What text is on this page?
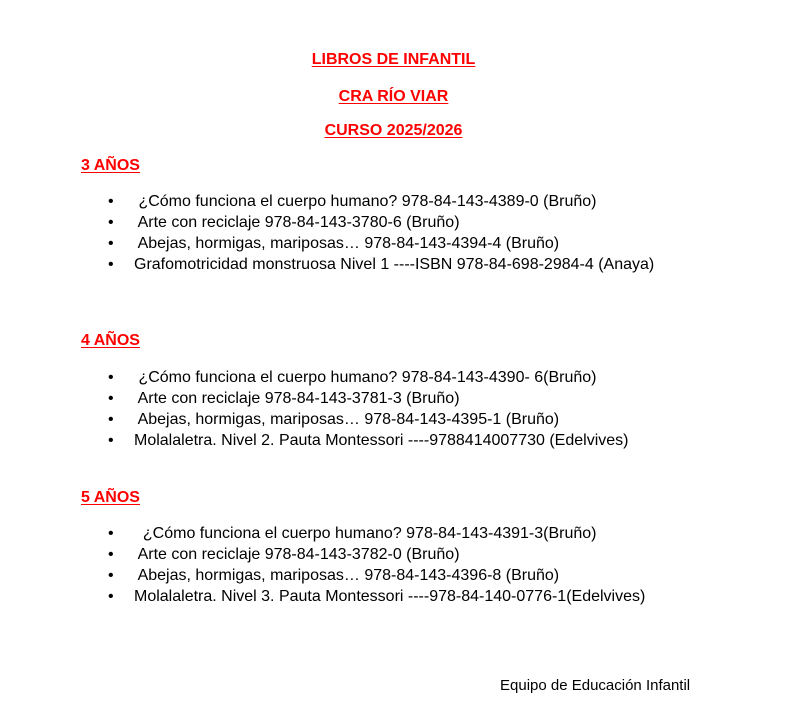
LIBROS DE INFANTIL
CRA RÍO VIAR
CURSO 2025/2026
3 AÑOS
• ¿Cómo funciona el cuerpo humano? 978-84-143-4389-0 (Bruño)
• Arte con reciclaje 978-84-143-3780-6 (Bruño)
• Abejas, hormigas, mariposas… 978-84-143-4394-4 (Bruño)
• Grafomotricidad monstruosa Nivel 1 ----ISBN 978-84-698-2984-4 (Anaya)
4 AÑOS
• ¿Cómo funciona el cuerpo humano? 978-84-143-4390- 6(Bruño)
• Arte con reciclaje 978-84-143-3781-3 (Bruño)
• Abejas, hormigas, mariposas… 978-84-143-4395-1 (Bruño)
• Molalaletra. Nivel 2. Pauta Montessori ----9788414007730 (Edelvives)
5 AÑOS
• ¿Cómo funciona el cuerpo humano? 978-84-143-4391-3(Bruño)
• Arte con reciclaje 978-84-143-3782-0 (Bruño)
• Abejas, hormigas, mariposas… 978-84-143-4396-8 (Bruño)
• Molalaletra. Nivel 3. Pauta Montessori ----978-84-140-0776-1(Edelvives)
Equipo de Educación Infantil
